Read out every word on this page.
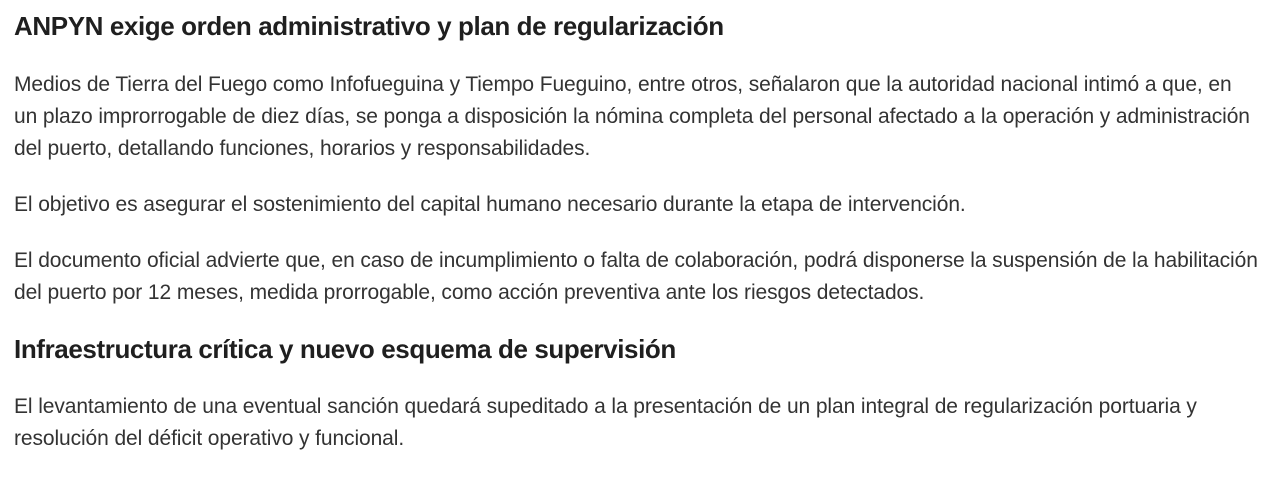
ANPYN exige orden administrativo y plan de regularización

Medios de Tierra del Fuego como Infofueguina y Tiempo Fueguino, entre otros, señalaron que la autoridad nacional intimó a que, en un plazo improrrogable de diez días, se ponga a disposición la nómina completa del personal afectado a la operación y administración del puerto, detallando funciones, horarios y responsabilidades.

El objetivo es asegurar el sostenimiento del capital humano necesario durante la etapa de intervención.

El documento oficial advierte que, en caso de incumplimiento o falta de colaboración, podrá disponerse la suspensión de la habilitación del puerto por 12 meses, medida prorrogable, como acción preventiva ante los riesgos detectados.

Infraestructura crítica y nuevo esquema de supervisión

El levantamiento de una eventual sanción quedará supeditado a la presentación de un plan integral de regularización portuaria y resolución del déficit operativo y funcional.
